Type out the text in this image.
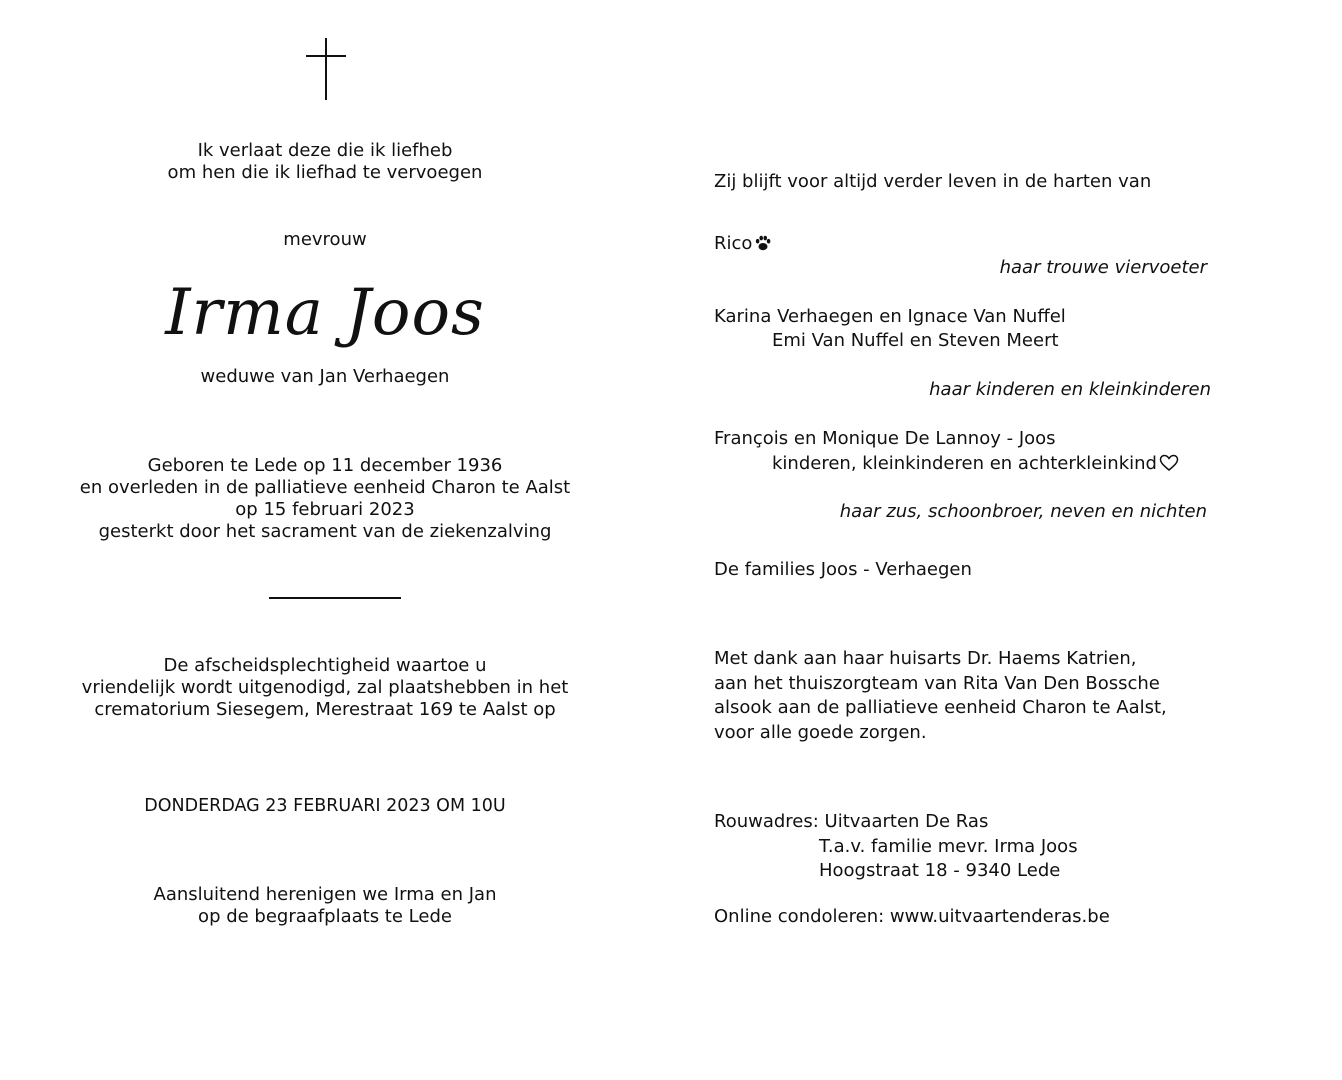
Ik verlaat deze die ik liefheb
om hen die ik liefhad te vervoegen
mevrouw
Irma Joos
weduwe van Jan Verhaegen
Geboren te Lede op 11 december 1936
en overleden in de palliatieve eenheid Charon te Aalst
op 15 februari 2023
gesterkt door het sacrament van de ziekenzalving
De afscheidsplechtigheid waartoe u
vriendelijk wordt uitgenodigd, zal plaatshebben in het
crematorium Siesegem, Merestraat 169 te Aalst op
DONDERDAG 23 FEBRUARI 2023 OM 10U
Aansluitend herenigen we Irma en Jan
op de begraafplaats te Lede
Zij blijft voor altijd verder leven in de harten van
Rico
haar trouwe viervoeter
Karina Verhaegen en Ignace Van Nuffel
Emi Van Nuffel en Steven Meert
haar kinderen en kleinkinderen
François en Monique De Lannoy - Joos
kinderen, kleinkinderen en achterkleinkind
haar zus, schoonbroer, neven en nichten
De families Joos - Verhaegen
Met dank aan haar huisarts Dr. Haems Katrien,
aan het thuiszorgteam van Rita Van Den Bossche
alsook aan de palliatieve eenheid Charon te Aalst,
voor alle goede zorgen.
Rouwadres: Uitvaarten De Ras
T.a.v. familie mevr. Irma Joos
Hoogstraat 18 - 9340 Lede
Online condoleren: www.uitvaartenderas.be
